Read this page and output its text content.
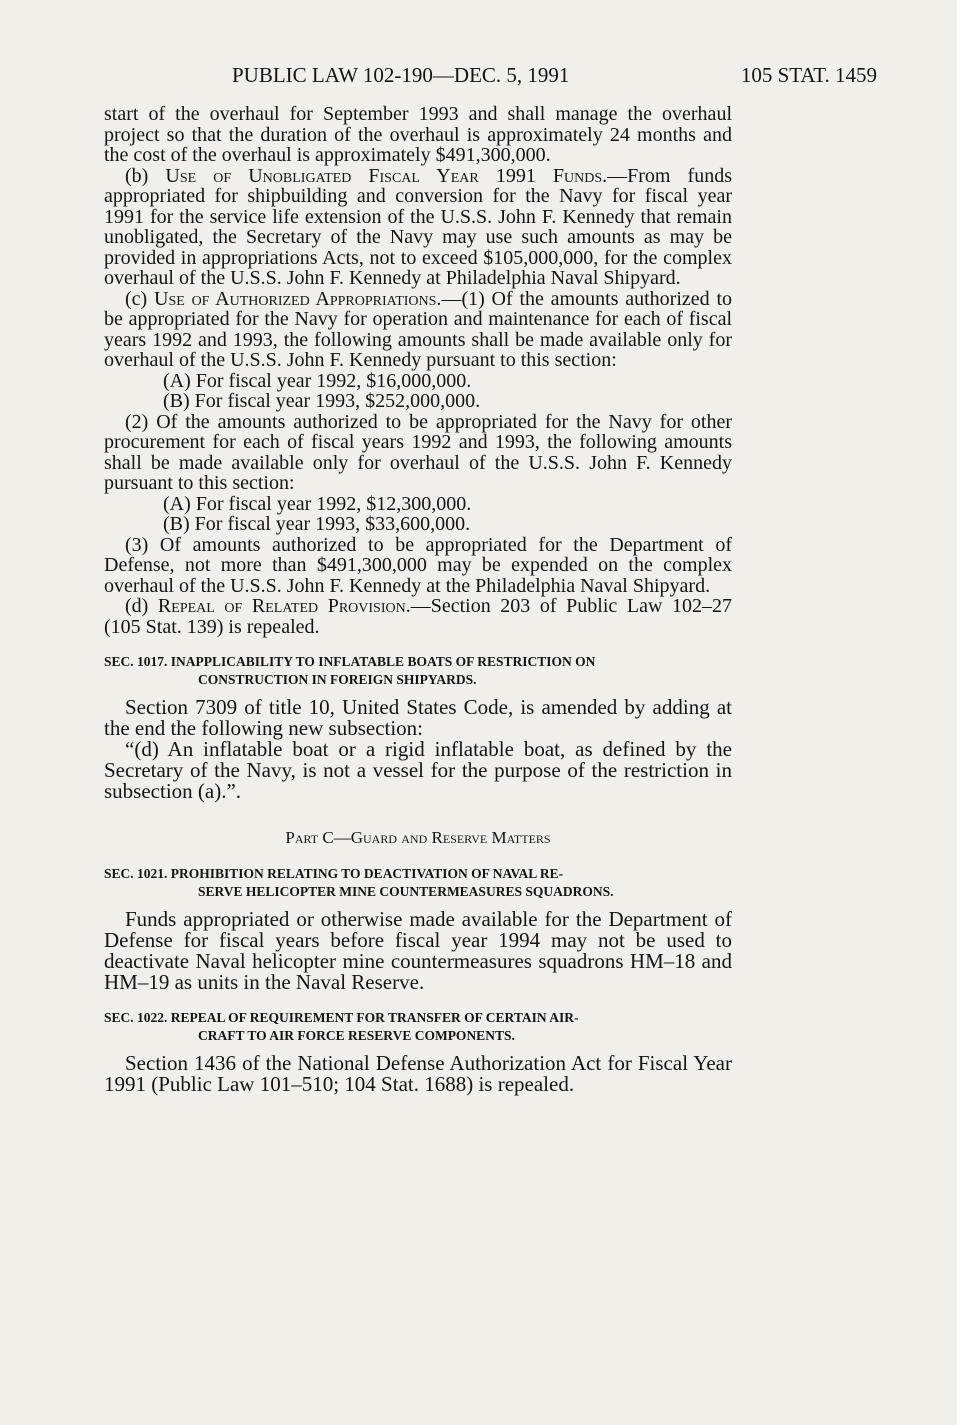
PUBLIC LAW 102-190—DEC. 5, 1991	105 STAT. 1459
start of the overhaul for September 1993 and shall manage the overhaul project so that the duration of the overhaul is approximately 24 months and the cost of the overhaul is approximately $491,300,000.
(b) Use of Unobligated Fiscal Year 1991 Funds.—From funds appropriated for shipbuilding and conversion for the Navy for fiscal year 1991 for the service life extension of the U.S.S. John F. Kennedy that remain unobligated, the Secretary of the Navy may use such amounts as may be provided in appropriations Acts, not to exceed $105,000,000, for the complex overhaul of the U.S.S. John F. Kennedy at Philadelphia Naval Shipyard.
(c) Use of Authorized Appropriations.—(1) Of the amounts authorized to be appropriated for the Navy for operation and maintenance for each of fiscal years 1992 and 1993, the following amounts shall be made available only for overhaul of the U.S.S. John F. Kennedy pursuant to this section:
(A) For fiscal year 1992, $16,000,000.
(B) For fiscal year 1993, $252,000,000.
(2) Of the amounts authorized to be appropriated for the Navy for other procurement for each of fiscal years 1992 and 1993, the following amounts shall be made available only for overhaul of the U.S.S. John F. Kennedy pursuant to this section:
(A) For fiscal year 1992, $12,300,000.
(B) For fiscal year 1993, $33,600,000.
(3) Of amounts authorized to be appropriated for the Department of Defense, not more than $491,300,000 may be expended on the complex overhaul of the U.S.S. John F. Kennedy at the Philadelphia Naval Shipyard.
(d) Repeal of Related Provision.—Section 203 of Public Law 102–27 (105 Stat. 139) is repealed.
SEC. 1017. INAPPLICABILITY TO INFLATABLE BOATS OF RESTRICTION ON
CONSTRUCTION IN FOREIGN SHIPYARDS.
Section 7309 of title 10, United States Code, is amended by adding at the end the following new subsection:
“(d) An inflatable boat or a rigid inflatable boat, as defined by the Secretary of the Navy, is not a vessel for the purpose of the restriction in subsection (a).”.
Part C—Guard and Reserve Matters
SEC. 1021. PROHIBITION RELATING TO DEACTIVATION OF NAVAL RE-
SERVE HELICOPTER MINE COUNTERMEASURES SQUADRONS.
Funds appropriated or otherwise made available for the Department of Defense for fiscal years before fiscal year 1994 may not be used to deactivate Naval helicopter mine countermeasures squadrons HM–18 and HM–19 as units in the Naval Reserve.
SEC. 1022. REPEAL OF REQUIREMENT FOR TRANSFER OF CERTAIN AIR-
CRAFT TO AIR FORCE RESERVE COMPONENTS.
Section 1436 of the National Defense Authorization Act for Fiscal Year 1991 (Public Law 101–510; 104 Stat. 1688) is repealed.
